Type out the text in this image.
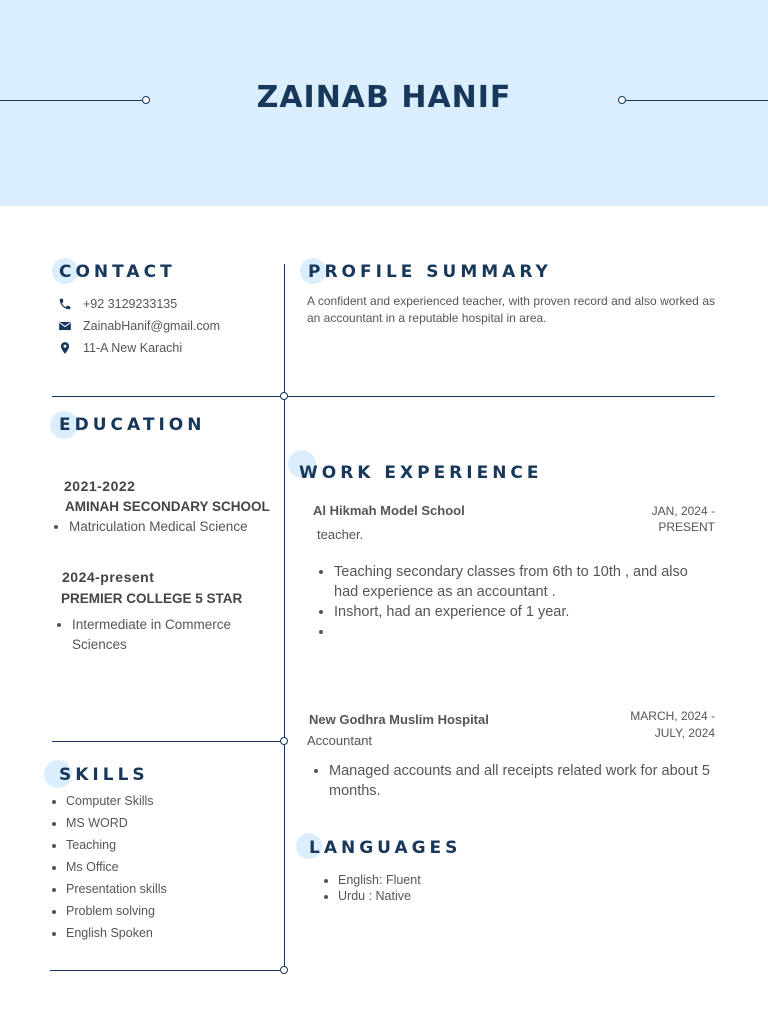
ZAINAB HANIF
CONTACT
+92 3129233135
ZainabHanif@gmail.com
11-A New Karachi
PROFILE SUMMARY
A confident and experienced teacher, with proven record and also worked as an accountant in a reputable hospital in area.
EDUCATION
2021-2022
AMINAH SECONDARY SCHOOL
• Matriculation Medical Science
2024-present
PREMIER COLLEGE 5 STAR
• Intermediate in Commerce Sciences
WORK EXPERIENCE
Al Hikmah Model School	JAN, 2024 -
PRESENT
teacher.
• Teaching secondary classes from 6th to 10th , and also had experience as an accountant .
• Inshort, had an experience of 1 year.
•
New Godhra Muslim Hospital	MARCH, 2024 -
JULY, 2024
Accountant
• Managed accounts and all receipts related work for about 5 months.
SKILLS
• Computer Skills
• MS WORD
• Teaching
• Ms Office
• Presentation skills
• Problem solving
• English Spoken
LANGUAGES
• English: Fluent
• Urdu : Native
